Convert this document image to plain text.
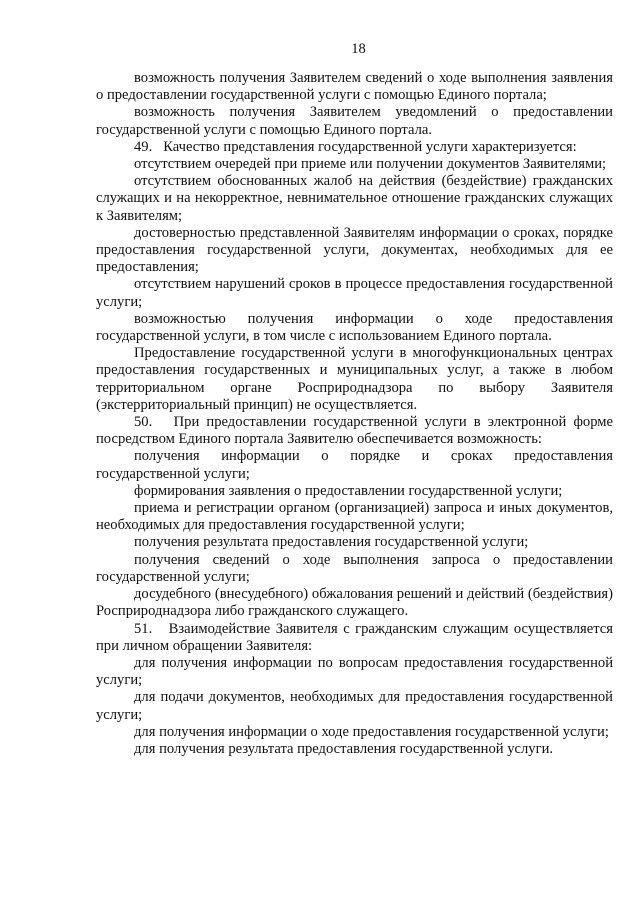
18

возможность получения Заявителем сведений о ходе выполнения заявления о предоставлении государственной услуги с помощью Единого портала;

возможность получения Заявителем уведомлений о предоставлении государственной услуги с помощью Единого портала.

49.   Качество представления государственной услуги характеризуется:

отсутствием очередей при приеме или получении документов Заявителями;

отсутствием обоснованных жалоб на действия (бездействие) гражданских служащих и на некорректное, невнимательное отношение гражданских служащих к Заявителям;

достоверностью представленной Заявителям информации о сроках, порядке предоставления государственной услуги, документах, необходимых для ее предоставления;

отсутствием нарушений сроков в процессе предоставления государственной услуги;

возможностью получения информации о ходе предоставления государственной услуги, в том числе с использованием Единого портала.

Предоставление государственной услуги в многофункциональных центрах предоставления государственных и муниципальных услуг, а также в любом территориальном органе Росприроднадзора по выбору Заявителя (экстерриториальный принцип) не осуществляется.

50.   При предоставлении государственной услуги в электронной форме посредством Единого портала Заявителю обеспечивается возможность:

получения информации о порядке и сроках предоставления государственной услуги;

формирования заявления о предоставлении государственной услуги;

приема и регистрации органом (организацией) запроса и иных документов, необходимых для предоставления государственной услуги;

получения результата предоставления государственной услуги;

получения сведений о ходе выполнения запроса о предоставлении государственной услуги;

досудебного (внесудебного) обжалования решений и действий (бездействия) Росприроднадзора либо гражданского служащего.

51.   Взаимодействие Заявителя с гражданским служащим осуществляется при личном обращении Заявителя:

для получения информации по вопросам предоставления государственной услуги;

для подачи документов, необходимых для предоставления государственной услуги;

для получения информации о ходе предоставления государственной услуги;

для получения результата предоставления государственной услуги.
